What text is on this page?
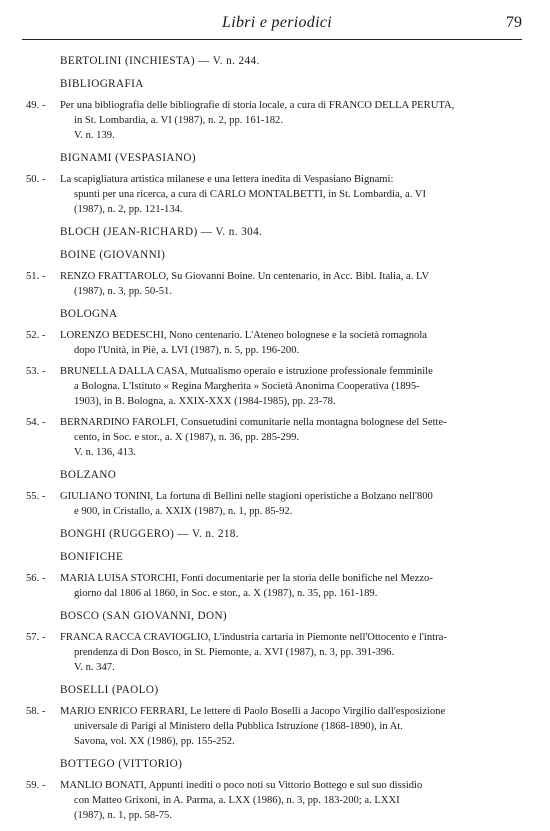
Libri e periodici	79
BERTOLINI (INCHIESTA) — V. n. 244.
BIBLIOGRAFIA
49. -	Per una bibliografia delle bibliografie di storia locale, a cura di FRANCO DELLA PERUTA,
in St. Lombardia, a. VI (1987), n. 2, pp. 161-182.
V. n. 139.
BIGNAMI (VESPASIANO)
50. -	La scapigliatura artistica milanese e una lettera inedita di Vespasiano Bignami:
spunti per una ricerca, a cura di CARLO MONTALBETTI, in St. Lombardia, a. VI
(1987), n. 2, pp. 121-134.
BLOCH (JEAN-RICHARD) — V. n. 304.
BOINE (GIOVANNI)
51. -	RENZO FRATTAROLO, Su Giovanni Boine. Un centenario, in Acc. Bibl. Italia, a. LV
(1987), n. 3, pp. 50-51.
BOLOGNA
52. -	LORENZO BEDESCHI, Nono centenario. L'Ateneo bolognese e la società romagnola
dopo l'Unità, in Piè, a. LVI (1987), n. 5, pp. 196-200.
53. -	BRUNELLA DALLA CASA, Mutualismo operaio e istruzione professionale femminile
a Bologna. L'Istituto « Regina Margherita » Società Anonima Cooperativa (1895-
1903), in B. Bologna, a. XXIX-XXX (1984-1985), pp. 23-78.
54. -	BERNARDINO FAROLFI, Consuetudini comunitarie nella montagna bolognese del Sette-
cento, in Soc. e stor., a. X (1987), n. 36, pp. 285-299.
V. n. 136, 413.
BOLZANO
55. -	GIULIANO TONINI, La fortuna di Bellini nelle stagioni operistiche a Bolzano nell'800
e 900, in Cristallo, a. XXIX (1987), n. 1, pp. 85-92.
BONGHI (RUGGERO) — V. n. 218.
BONIFICHE
56. -	MARIA LUISA STORCHI, Fonti documentarie per la storia delle bonifiche nel Mezzo-
giorno dal 1806 al 1860, in Soc. e stor., a. X (1987), n. 35, pp. 161-189.
BOSCO (SAN GIOVANNI, DON)
57. -	FRANCA RACCA CRAVIOGLIO, L'industria cartaria in Piemonte nell'Ottocento e l'intra-
prendenza di Don Bosco, in St. Piemonte, a. XVI (1987), n. 3, pp. 391-396.
V. n. 347.
BOSELLI (PAOLO)
58. -	MARIO ENRICO FERRARI, Le lettere di Paolo Boselli a Jacopo Virgilio dall'esposizione
universale di Parigi al Ministero della Pubblica Istruzione (1868-1890), in At.
Savona, vol. XX (1986), pp. 155-252.
BOTTEGO (VITTORIO)
59. -	MANLIO BONATI, Appunti inediti o poco noti su Vittorio Bottego e sul suo dissidio
con Matteo Grixoni, in A. Parma, a. LXX (1986), n. 3, pp. 183-200; a. LXXI
(1987), n. 1, pp. 58-75.
